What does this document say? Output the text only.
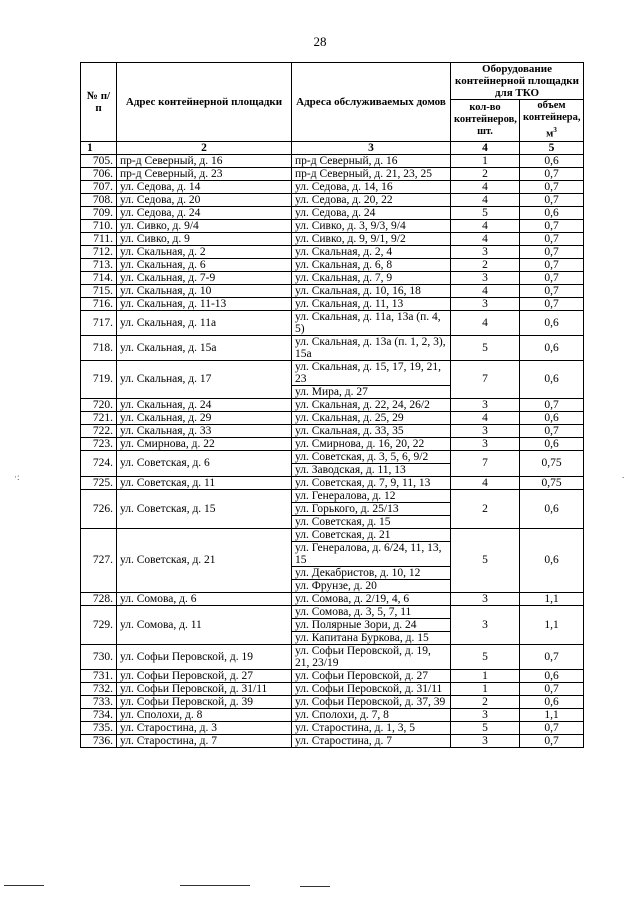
28
№ п/п	Адрес контейнерной площадки	Адреса обслуживаемых домов	Оборудование контейнерной площадки для ТКО	
			кол-во контейнеров, шт.	объем контейнера, $м^3$
1	2	3	4	5
705.	пр-д Северный, д. 16	пр-д Северный, д. 16	1	0,6
706.	пр-д Северный, д. 23	пр-д Северный, д. 21, 23, 25	2	0,7
707.	ул. Седова, д. 14	ул. Седова, д. 14, 16	4	0,7
708.	ул. Седова, д. 20	ул. Седова, д. 20, 22	4	0,7
709.	ул. Седова, д. 24	ул. Седова, д. 24	5	0,6
710.	ул. Сивко, д. 9/4	ул. Сивко, д. 3, 9/3, 9/4	4	0,7
711.	ул. Сивко, д. 9	ул. Сивко, д. 9, 9/1, 9/2	4	0,7
712.	ул. Скальная, д. 2	ул. Скальная, д. 2, 4	3	0,7
713.	ул. Скальная, д. 6	ул. Скальная, д. 6, 8	2	0,7
714.	ул. Скальная, д. 7-9	ул. Скальная, д. 7, 9	3	0,7
715.	ул. Скальная, д. 10	ул. Скальная, д. 10, 16, 18	4	0,7
716.	ул. Скальная, д. 11-13	ул. Скальная, д. 11, 13	3	0,7
717.	ул. Скальная, д. 11а	ул. Скальная, д. 11а, 13а (п. 4, 5)	4	0,6
718.	ул. Скальная, д. 15а	ул. Скальная, д. 13а (п. 1, 2, 3), 15а	5	0,6
719.	ул. Скальная, д. 17	ул. Скальная, д. 15, 17, 19, 21, 23	7	0,6
		ул. Мира, д. 27		
720.	ул. Скальная, д. 24	ул. Скальная, д. 22, 24, 26/2	3	0,7
721.	ул. Скальная, д. 29	ул. Скальная, д. 25, 29	4	0,6
722.	ул. Скальная, д. 33	ул. Скальная, д. 33, 35	3	0,7
723.	ул. Смирнова, д. 22	ул. Смирнова, д. 16, 20, 22	3	0,6
724.	ул. Советская, д. 6	ул. Советская, д. 3, 5, 6, 9/2	7	0,75
		ул. Заводская, д. 11, 13		
725.	ул. Советская, д. 11	ул. Советская, д. 7, 9, 11, 13	4	0,75
726.	ул. Советская, д. 15	ул. Генералова, д. 12	2	0,6
		ул. Горького, д. 25/13		
		ул. Советская, д. 15		
727.	ул. Советская, д. 21	ул. Советская, д. 21	5	0,6
		ул. Генералова, д. 6/24, 11, 13, 15		
		ул. Декабристов, д. 10, 12		
		ул. Фрунзе, д. 20		
728.	ул. Сомова, д. 6	ул. Сомова, д. 2/19, 4, 6	3	1,1
729.	ул. Сомова, д. 11	ул. Сомова, д. 3, 5, 7, 11	3	1,1
		ул. Полярные Зори, д. 24		
		ул. Капитана Буркова, д. 15		
730.	ул. Софьи Перовской, д. 19	ул. Софьи Перовской, д. 19, 21, 23/19	5	0,7
731.	ул. Софьи Перовской, д. 27	ул. Софьи Перовской, д. 27	1	0,6
732.	ул. Софьи Перовской, д. 31/11	ул. Софьи Перовской, д. 31/11	1	0,7
733.	ул. Софьи Перовской, д. 39	ул. Софьи Перовской, д. 37, 39	2	0,6
734.	ул. Сполохи, д. 8	ул. Сполохи, д. 7, 8	3	1,1
735.	ул. Старостина, д. 3	ул. Старостина, д. 1, 3, 5	5	0,7
736.	ул. Старостина, д. 7	ул. Старостина, д. 7	3	0,7
·:	.
